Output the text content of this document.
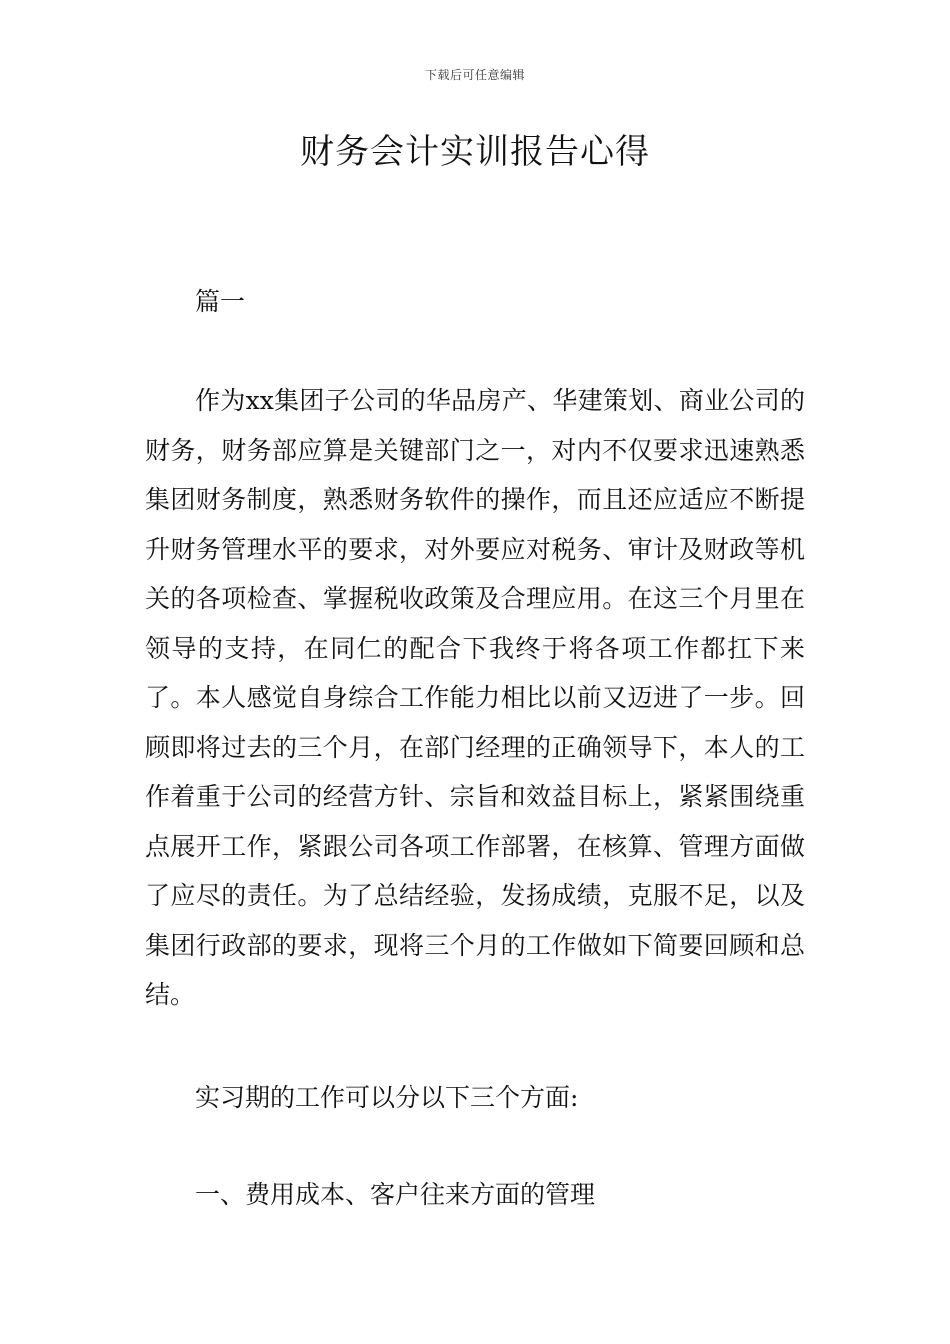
下载后可任意编辑
财务会计实训报告心得

篇一

作为xx集团子公司的华品房产、华建策划、商业公司的财务，财务部应算是关键部门之一，对内不仅要求迅速熟悉集团财务制度，熟悉财务软件的操作，而且还应适应不断提升财务管理水平的要求，对外要应对税务、审计及财政等机关的各项检查、掌握税收政策及合理应用。在这三个月里在领导的支持，在同仁的配合下我终于将各项工作都扛下来了。本人感觉自身综合工作能力相比以前又迈进了一步。回顾即将过去的三个月，在部门经理的正确领导下，本人的工作着重于公司的经营方针、宗旨和效益目标上，紧紧围绕重点展开工作，紧跟公司各项工作部署，在核算、管理方面做了应尽的责任。为了总结经验，发扬成绩，克服不足，以及集团行政部的要求，现将三个月的工作做如下简要回顾和总结。

实习期的工作可以分以下三个方面:

一、费用成本、客户往来方面的管理
